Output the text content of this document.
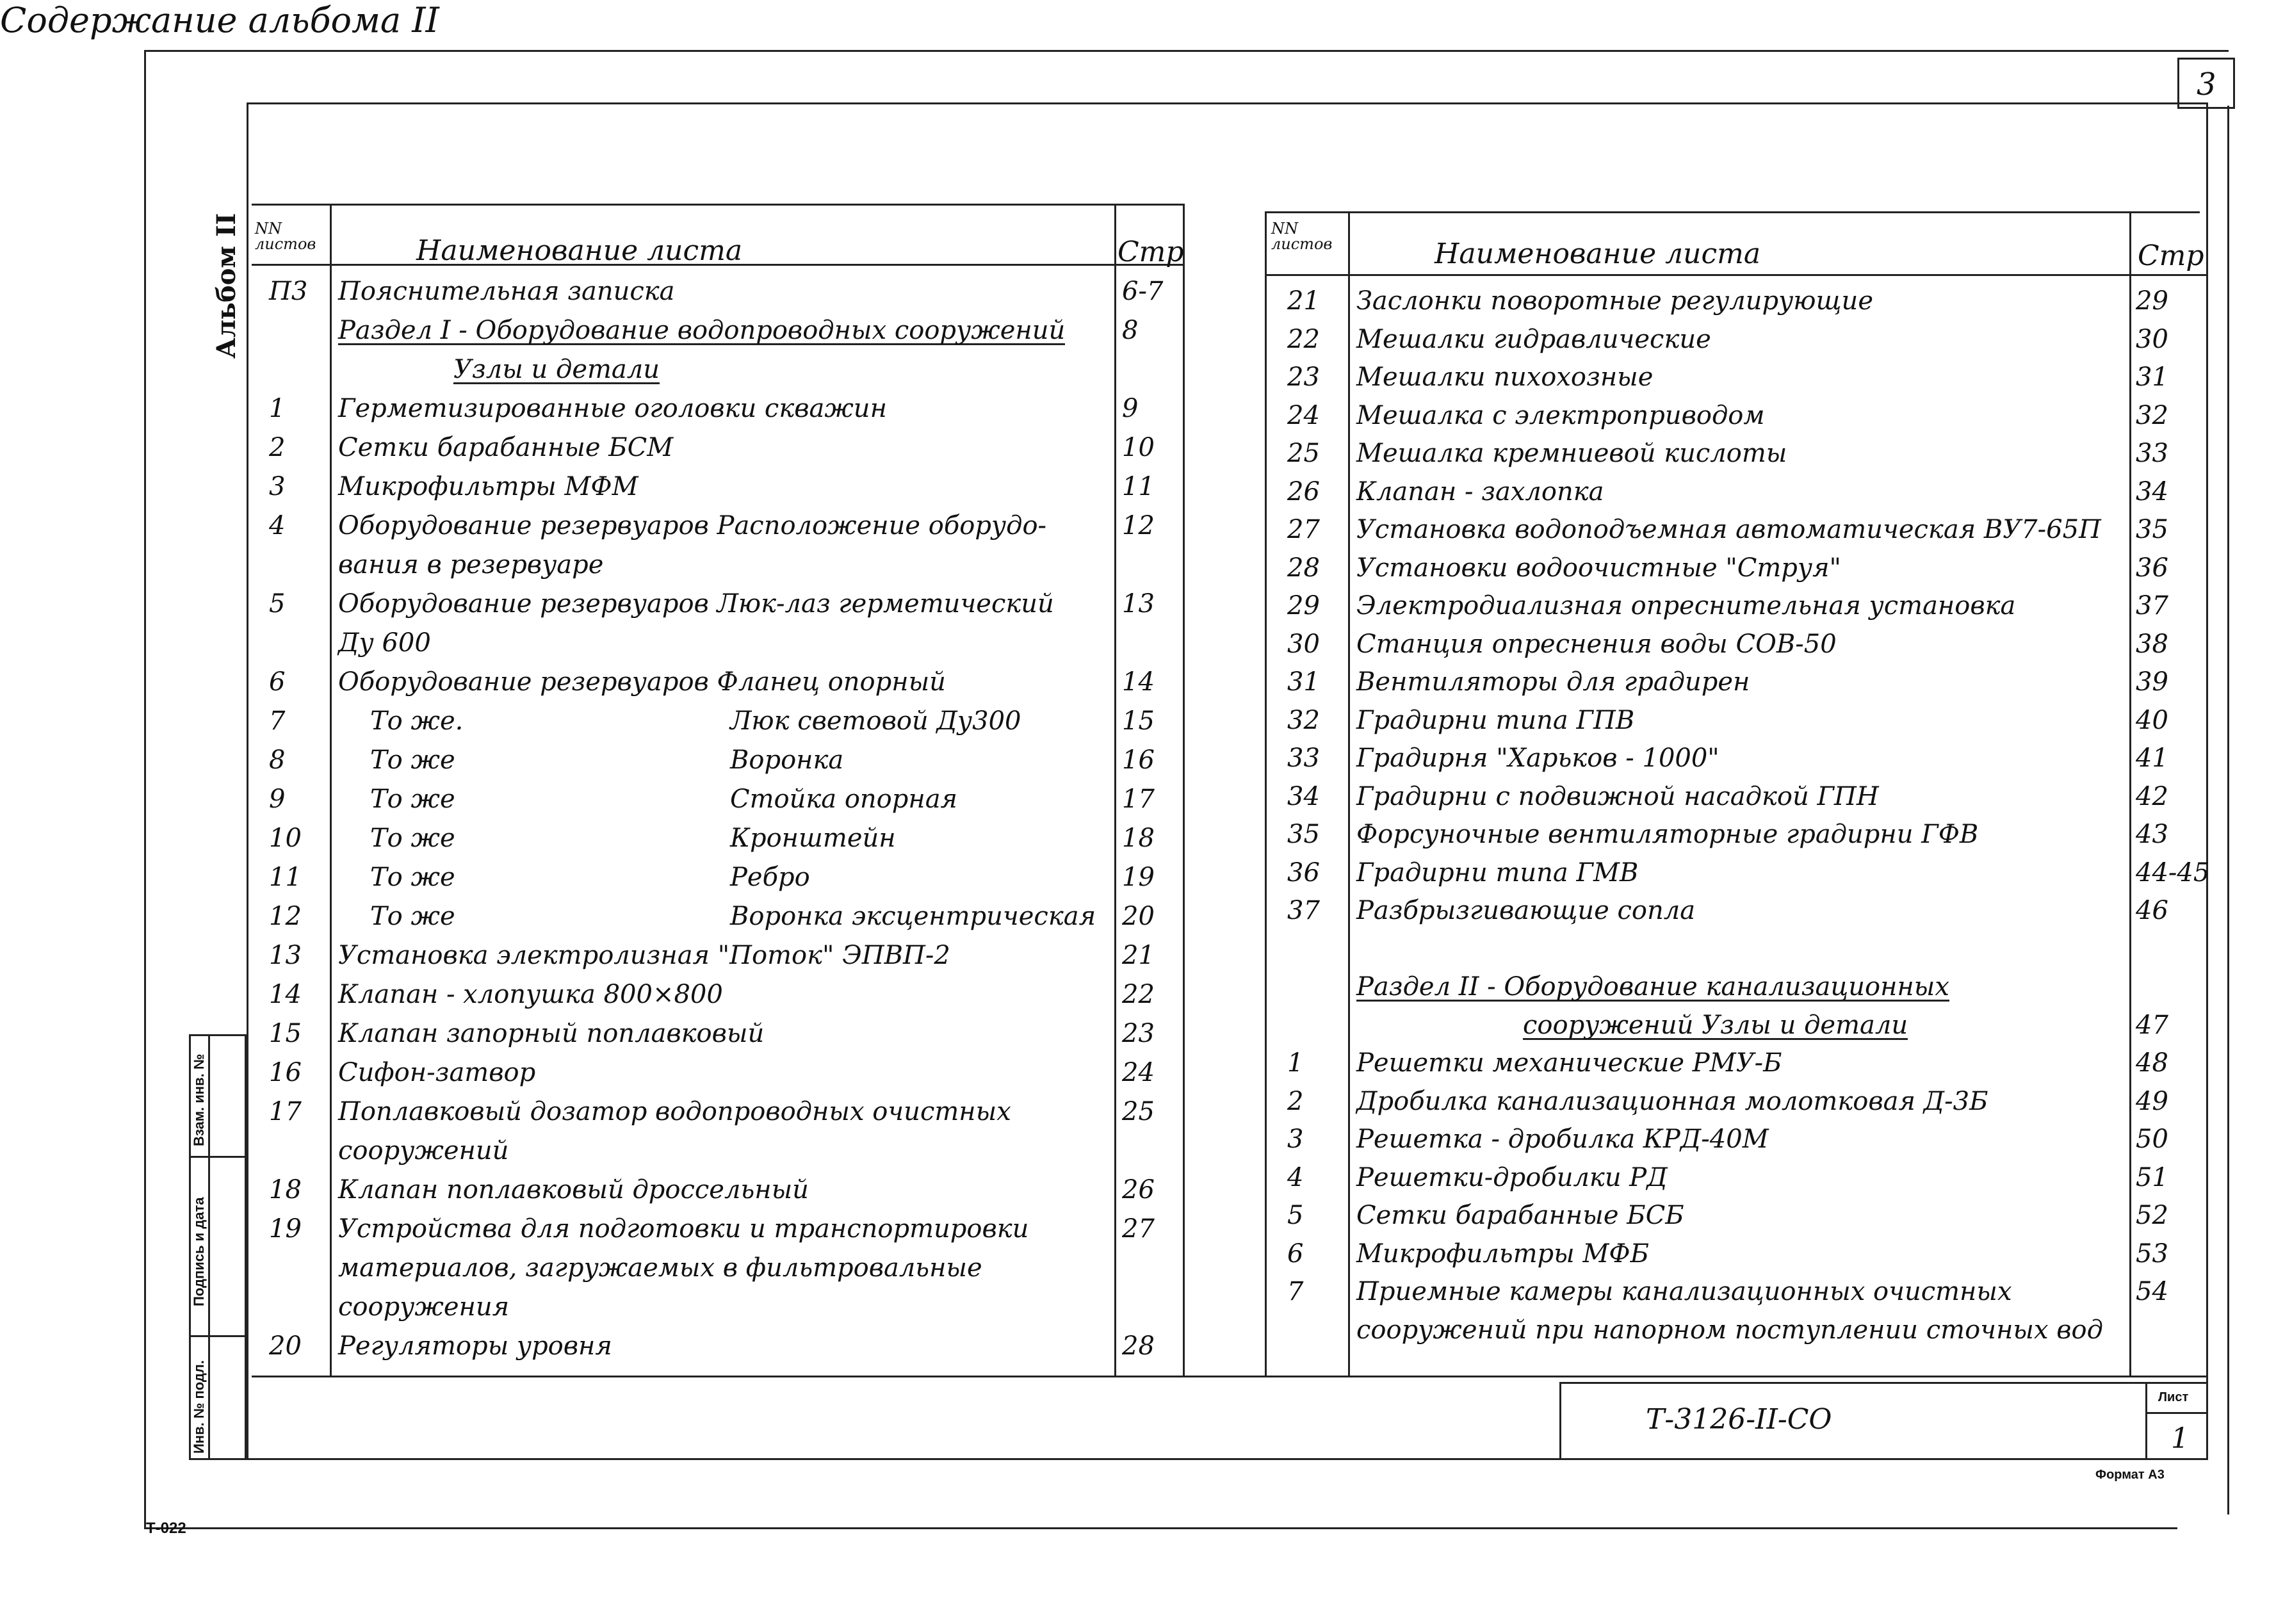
3
Содержание альбома II
Альбом II NN листов	Наименование листа	Стр
П3 Пояснительная записка	6-7
Раздел I - Оборудование водопроводных сооружений 8
Узлы и детали
1 Герметизированные оголовки скважин	9
2 Сетки барабанные БСМ	10
3 Микрофильтры МФМ	11
4 Оборудование резервуаров Расположение оборудо-	12
вания в резервуаре
5 Оборудование резервуаров Люк-лаз герметический	13
Ду 600
6 Оборудование резервуаров Фланец опорный	14
7	То же.	Люк световой Ду300	15
8	То же	Воронка	16
9	То же	Стойка опорная	17
10	То же	Кронштейн	18
11	То же	Ребро	19
12	То же	Воронка эксцентрическая 20
13 Установка электролизная "Поток" ЭПВП-2	21
14 Клапан - хлопушка 800×800	22
15 Клапан запорный поплавковый	23
16 Сифон-затвор	24
17 Поплавковый дозатор водопроводных очистных	25
сооружений
18 Клапан поплавковый дроссельный	26
19 Устройства для подготовки и транспортировки	27
материалов, загружаемых в фильтровальные
сооружения
20 Регуляторы уровня	28
NN листов	Наименование листа	Стр
21 Заслонки поворотные регулирующие	29
22 Мешалки гидравлические	30
23 Мешалки пихохозные	31
24 Мешалка с электроприводом	32
25 Мешалка кремниевой кислоты	33
26 Клапан - захлопка	34
27 Установка водоподъемная автоматическая ВУ7-65П 35
28 Установки водоочистные "Струя"	36
29 Электродиализная опреснительная установка	37
30 Станция опреснения воды СОВ-50	38
31 Вентиляторы для градирен	39
32 Градирни типа ГПВ	40
33 Градирня "Харьков - 1000"	41
34 Градирни с подвижной насадкой ГПН	42
35 Форсуночные вентиляторные градирни ГФВ	43
36 Градирни типа ГМВ	44-45
37 Разбрызгивающие сопла	46
Раздел II - Оборудование канализационных
сооружений Узлы и детали	47
1 Решетки механические РМУ-Б	48
2 Дробилка канализационная молотковая Д-3Б	49
3 Решетка - дробилка КРД-40М	50
4 Решетки-дробилки РД	51
5 Сетки барабанные БСБ	52
6 Микрофильтры МФБ	53
7 Приемные камеры канализационных очистных	54
сооружений при напорном поступлении сточных вод
Т-3126-II-СО
Лист
1
Формат А3
Взам. инв. №
Подпись и дата
Инв. № подл.
Т-022
